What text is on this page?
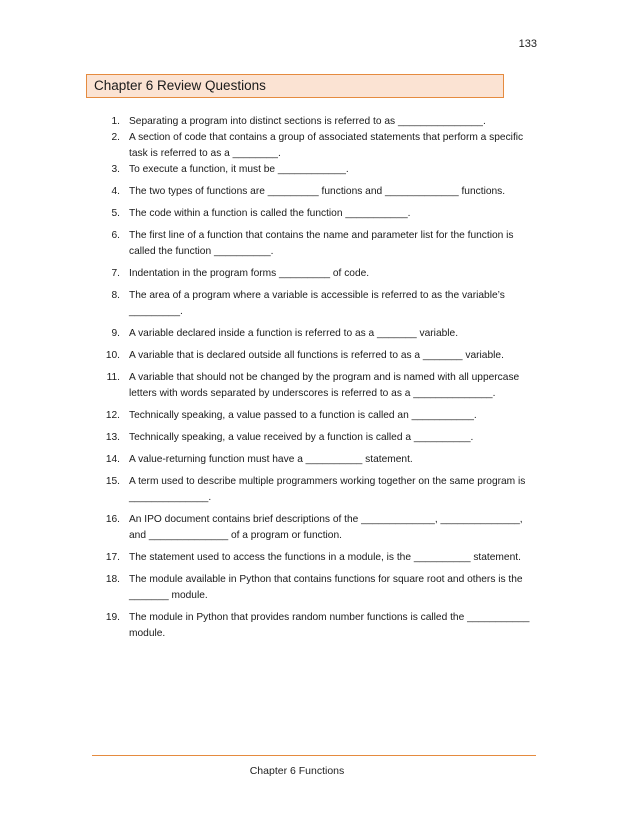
133
Chapter 6 Review Questions
1. Separating a program into distinct sections is referred to as _______________.
2. A section of code that contains a group of associated statements that perform a specific task is referred to as a ________.
3. To execute a function, it must be ____________.
4. The two types of functions are _________ functions and _____________ functions.
5. The code within a function is called the function ___________.
6. The first line of a function that contains the name and parameter list for the function is called the function __________.
7. Indentation in the program forms _________ of code.
8. The area of a program where a variable is accessible is referred to as the variable’s _________.
9. A variable declared inside a function is referred to as a _______ variable.
10. A variable that is declared outside all functions is referred to as a _______ variable.
11. A variable that should not be changed by the program and is named with all uppercase letters with words separated by underscores is referred to as a ______________.
12. Technically speaking, a value passed to a function is called an ___________.
13. Technically speaking, a value received by a function is called a __________.
14. A value-returning function must have a __________ statement.
15. A term used to describe multiple programmers working together on the same program is ______________.
16. An IPO document contains brief descriptions of the _____________, ______________, and ______________ of a program or function.
17. The statement used to access the functions in a module, is the __________ statement.
18. The module available in Python that contains functions for square root and others is the _______ module.
19. The module in Python that provides random number functions is called the ___________ module.
Chapter 6 Functions
